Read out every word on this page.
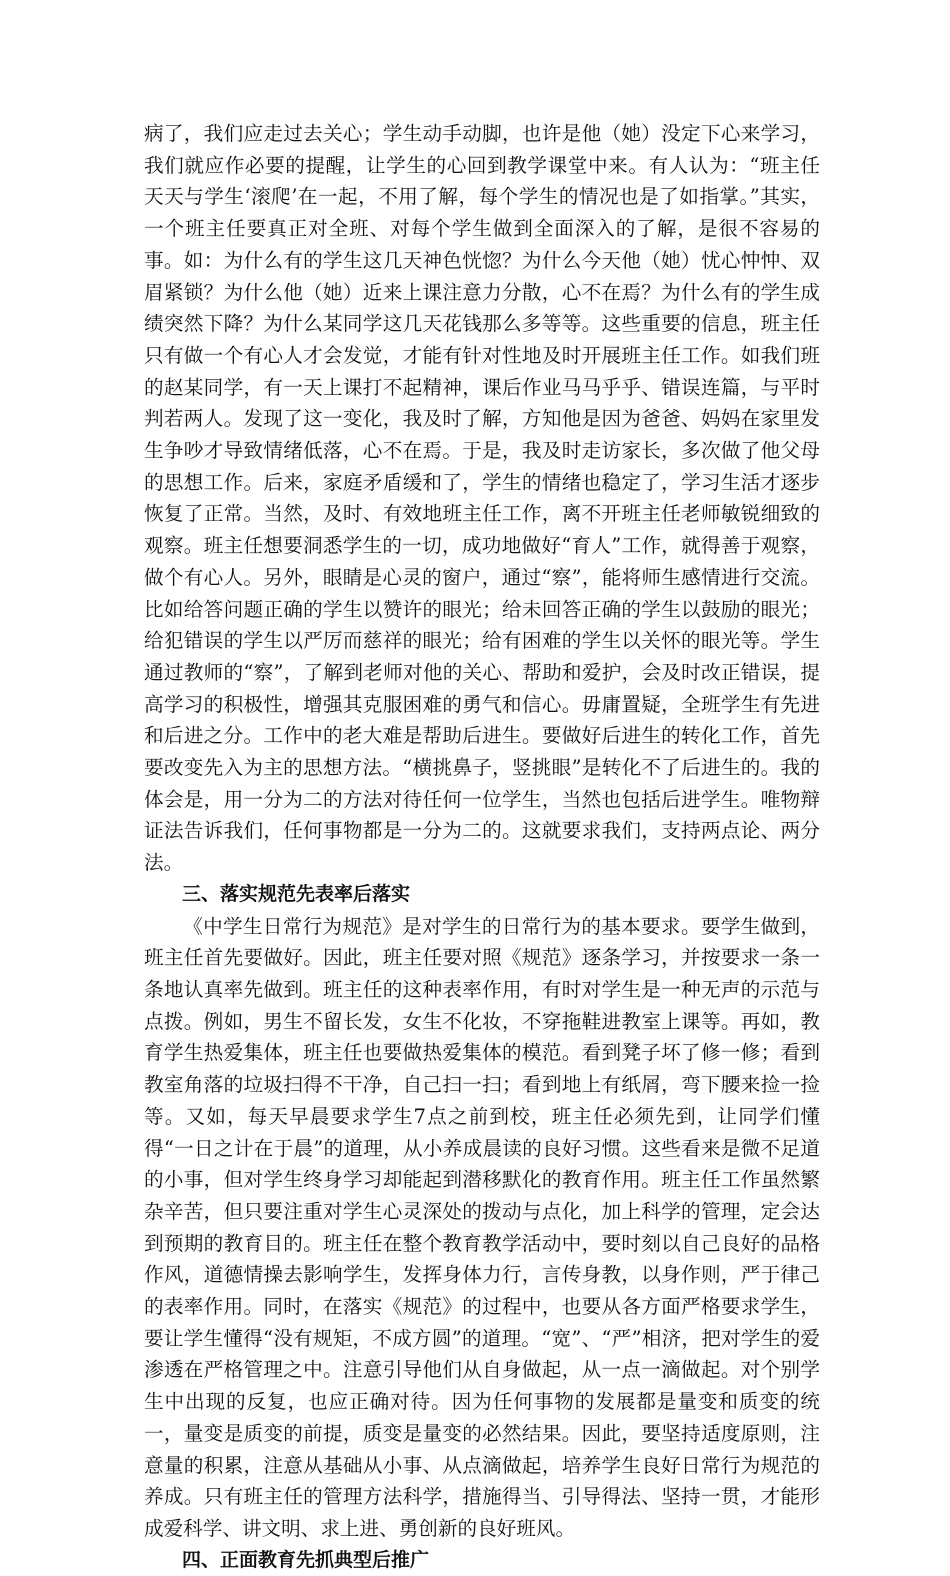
病了，我们应走过去关心；学生动手动脚，也许是他（她）没定下心来学习，我们就应作必要的提醒，让学生的心回到教学课堂中来。有人认为：“班主任天天与学生‘滚爬’在一起，不用了解，每个学生的情况也是了如指掌。”其实，一个班主任要真正对全班、对每个学生做到全面深入的了解，是很不容易的事。如：为什么有的学生这几天神色恍惚？为什么今天他（她）忧心忡忡、双眉紧锁？为什么他（她）近来上课注意力分散，心不在焉？为什么有的学生成绩突然下降？为什么某同学这几天花钱那么多等等。这些重要的信息，班主任只有做一个有心人才会发觉，才能有针对性地及时开展班主任工作。如我们班的赵某同学，有一天上课打不起精神，课后作业马马乎乎、错误连篇，与平时判若两人。发现了这一变化，我及时了解，方知他是因为爸爸、妈妈在家里发生争吵才导致情绪低落，心不在焉。于是，我及时走访家长，多次做了他父母的思想工作。后来，家庭矛盾缓和了，学生的情绪也稳定了，学习生活才逐步恢复了正常。当然，及时、有效地班主任工作，离不开班主任老师敏锐细致的观察。班主任想要洞悉学生的一切，成功地做好“育人”工作，就得善于观察，做个有心人。另外，眼睛是心灵的窗户，通过“察”，能将师生感情进行交流。比如给答问题正确的学生以赞许的眼光；给未回答正确的学生以鼓励的眼光；给犯错误的学生以严厉而慈祥的眼光；给有困难的学生以关怀的眼光等。学生通过教师的“察”，了解到老师对他的关心、帮助和爱护，会及时改正错误，提高学习的积极性，增强其克服困难的勇气和信心。毋庸置疑，全班学生有先进和后进之分。工作中的老大难是帮助后进生。要做好后进生的转化工作，首先要改变先入为主的思想方法。“横挑鼻子，竖挑眼”是转化不了后进生的。我的体会是，用一分为二的方法对待任何一位学生，当然也包括后进学生。唯物辩证法告诉我们，任何事物都是一分为二的。这就要求我们，支持两点论、两分法。

三、落实规范先表率后落实

《中学生日常行为规范》是对学生的日常行为的基本要求。要学生做到，班主任首先要做好。因此，班主任要对照《规范》逐条学习，并按要求一条一条地认真率先做到。班主任的这种表率作用，有时对学生是一种无声的示范与点拨。例如，男生不留长发，女生不化妆，不穿拖鞋进教室上课等。再如，教育学生热爱集体，班主任也要做热爱集体的模范。看到凳子坏了修一修；看到教室角落的垃圾扫得不干净，自己扫一扫；看到地上有纸屑，弯下腰来捡一捡等。又如，每天早晨要求学生7点之前到校，班主任必须先到，让同学们懂得“一日之计在于晨”的道理，从小养成晨读的良好习惯。这些看来是微不足道的小事，但对学生终身学习却能起到潜移默化的教育作用。班主任工作虽然繁杂辛苦，但只要注重对学生心灵深处的拨动与点化，加上科学的管理，定会达到预期的教育目的。班主任在整个教育教学活动中，要时刻以自己良好的品格作风，道德情操去影响学生，发挥身体力行，言传身教，以身作则，严于律己的表率作用。同时，在落实《规范》的过程中，也要从各方面严格要求学生，要让学生懂得“没有规矩，不成方圆”的道理。“宽”、“严”相济，把对学生的爱渗透在严格管理之中。注意引导他们从自身做起，从一点一滴做起。对个别学生中出现的反复，也应正确对待。因为任何事物的发展都是量变和质变的统一，量变是质变的前提，质变是量变的必然结果。因此，要坚持适度原则，注意量的积累，注意从基础从小事、从点滴做起，培养学生良好日常行为规范的养成。只有班主任的管理方法科学，措施得当、引导得法、坚持一贯，才能形成爱科学、讲文明、求上进、勇创新的良好班风。

四、正面教育先抓典型后推广
